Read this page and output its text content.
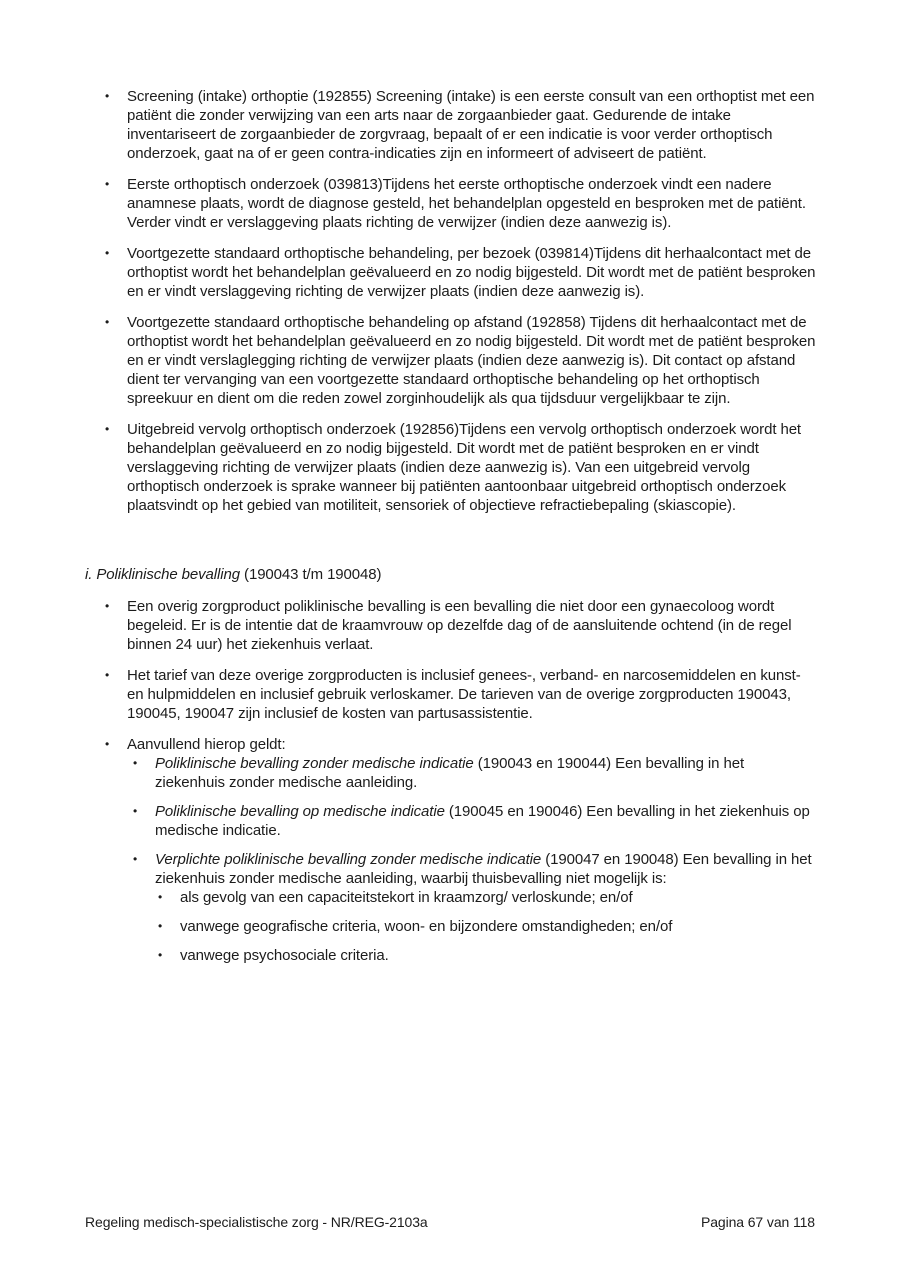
• Screening (intake) orthoptie (192855) Screening (intake) is een eerste consult van een orthoptist met een patiënt die zonder verwijzing van een arts naar de zorgaanbieder gaat. Gedurende de intake inventariseert de zorgaanbieder de zorgvraag, bepaalt of er een indicatie is voor verder orthoptisch onderzoek, gaat na of er geen contra-indicaties zijn en informeert of adviseert de patiënt.
• Eerste orthoptisch onderzoek (039813)Tijdens het eerste orthoptische onderzoek vindt een nadere anamnese plaats, wordt de diagnose gesteld, het behandelplan opgesteld en besproken met de patiënt. Verder vindt er verslaggeving plaats richting de verwijzer (indien deze aanwezig is).
• Voortgezette standaard orthoptische behandeling, per bezoek (039814)Tijdens dit herhaalcontact met de orthoptist wordt het behandelplan geëvalueerd en zo nodig bijgesteld. Dit wordt met de patiënt besproken en er vindt verslaggeving richting de verwijzer plaats (indien deze aanwezig is).
• Voortgezette standaard orthoptische behandeling op afstand (192858) Tijdens dit herhaalcontact met de orthoptist wordt het behandelplan geëvalueerd en zo nodig bijgesteld. Dit wordt met de patiënt besproken en er vindt verslaglegging richting de verwijzer plaats (indien deze aanwezig is). Dit contact op afstand dient ter vervanging van een voortgezette standaard orthoptische behandeling op het orthoptisch spreekuur en dient om die reden zowel zorginhoudelijk als qua tijdsduur vergelijkbaar te zijn.
• Uitgebreid vervolg orthoptisch onderzoek (192856)Tijdens een vervolg orthoptisch onderzoek wordt het behandelplan geëvalueerd en zo nodig bijgesteld. Dit wordt met de patiënt besproken en er vindt verslaggeving richting de verwijzer plaats (indien deze aanwezig is). Van een uitgebreid vervolg orthoptisch onderzoek is sprake wanneer bij patiënten aantoonbaar uitgebreid orthoptisch onderzoek plaatsvindt op het gebied van motiliteit, sensoriek of objectieve refractiebepaling (skiascopie).
i. Poliklinische bevalling (190043 t/m 190048)
• Een overig zorgproduct poliklinische bevalling is een bevalling die niet door een gynaecoloog wordt begeleid. Er is de intentie dat de kraamvrouw op dezelfde dag of de aansluitende ochtend (in de regel binnen 24 uur) het ziekenhuis verlaat.
• Het tarief van deze overige zorgproducten is inclusief genees-, verband- en narcosemiddelen en kunst- en hulpmiddelen en inclusief gebruik verloskamer. De tarieven van de overige zorgproducten 190043, 190045, 190047 zijn inclusief de kosten van partusassistentie.
• Aanvullend hierop geldt:
• Poliklinische bevalling zonder medische indicatie (190043 en 190044) Een bevalling in het ziekenhuis zonder medische aanleiding.
• Poliklinische bevalling op medische indicatie (190045 en 190046) Een bevalling in het ziekenhuis op medische indicatie.
• Verplichte poliklinische bevalling zonder medische indicatie (190047 en 190048) Een bevalling in het ziekenhuis zonder medische aanleiding, waarbij thuisbevalling niet mogelijk is:
• als gevolg van een capaciteitstekort in kraamzorg/ verloskunde; en/of
• vanwege geografische criteria, woon- en bijzondere omstandigheden; en/of
• vanwege psychosociale criteria.
Regeling medisch-specialistische zorg - NR/REG-2103a	Pagina 67 van 118
